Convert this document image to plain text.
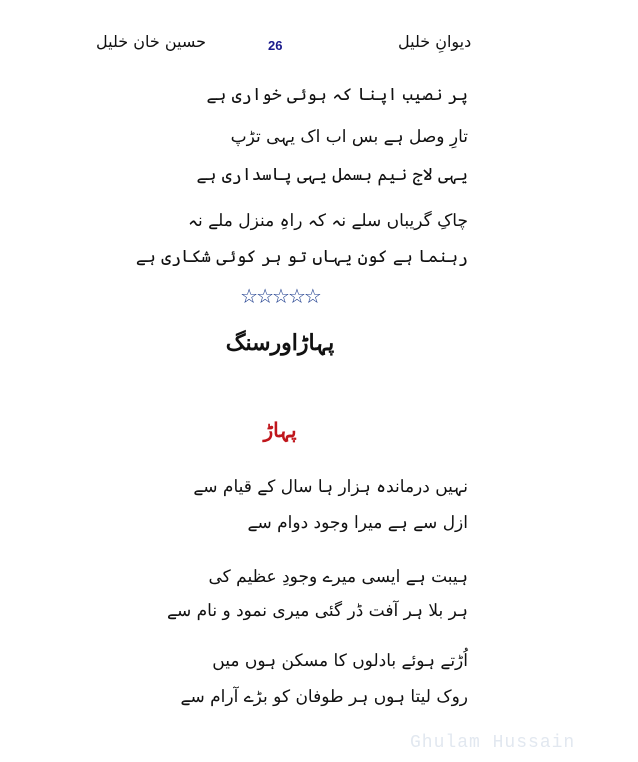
دیوانِ خلیل
26
حسین خان خلیل
پر نصیب اپنا کہ ہوئی خواری ہے
تارِ وصل ہے بس اب اک یہی تڑپ
یہی لاج نیم بسمل یہی پاسداری ہے
چاکِ گریباں سلے نہ کہ راہِ منزل ملے نہ
رہنما ہے کون یہاں تو ہر کوئی شکاری ہے
☆☆☆☆☆
پہاڑاورسنگ
پہاڑ
نہیں درماندہ ہزار ہا سال کے قیام سے
ازل سے ہے میرا وجود دوام سے
ہیبت ہے ایسی میرے وجودِ عظیم کی
ہر بلا ہر آفت ڈر گئی میری نمود و نام سے
اُڑتے ہوئے بادلوں کا مسکن ہوں میں
روک لیتا ہوں ہر طوفان کو بڑے آرام سے
Ghulam Hussain
